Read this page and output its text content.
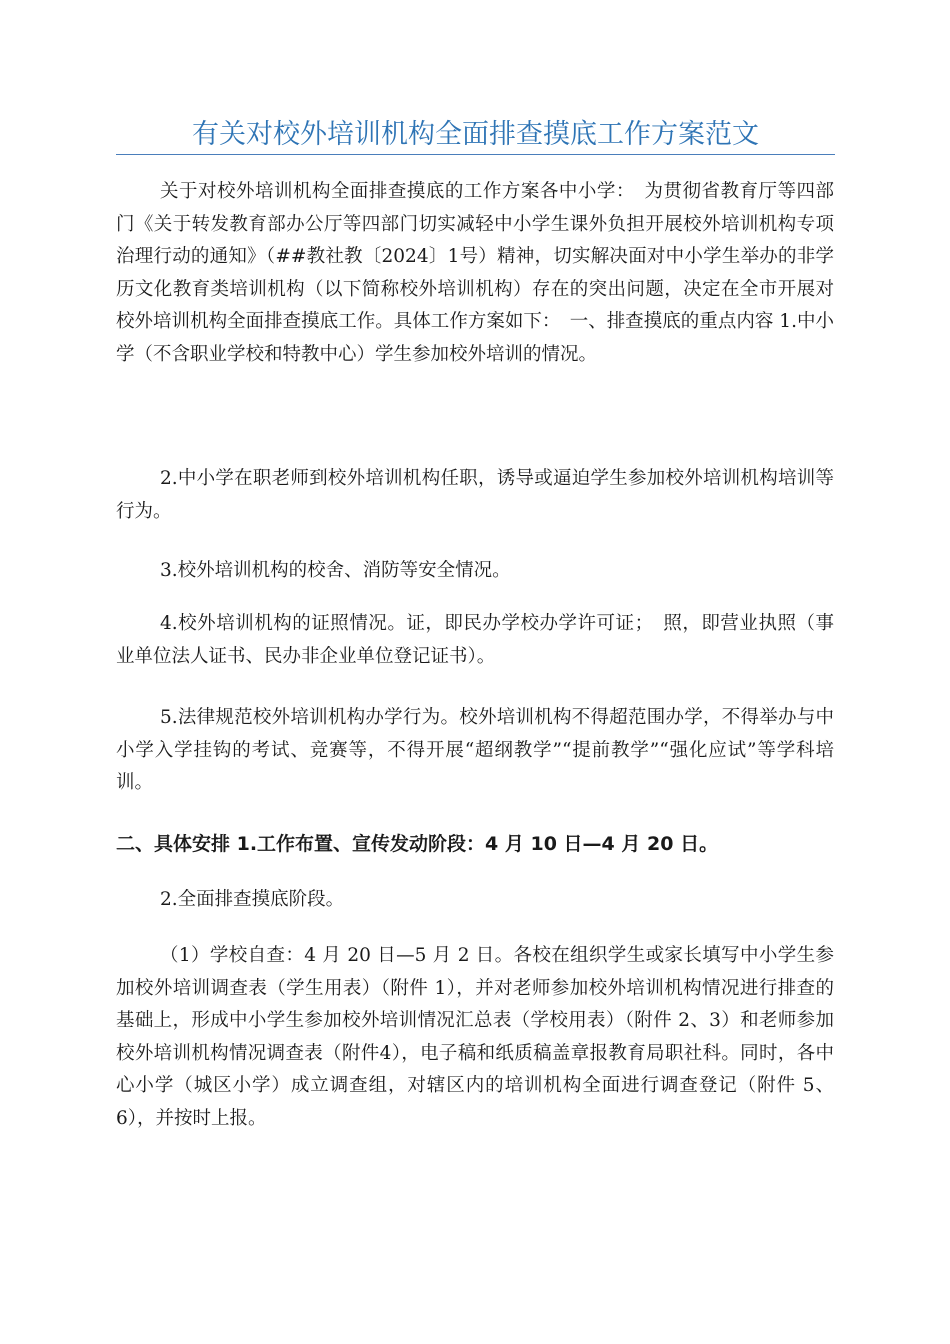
有关对校外培训机构全面排查摸底工作方案范文

关于对校外培训机构全面排查摸底的工作方案各中小学：　为贯彻省教育厅等四部门《关于转发教育部办公厅等四部门切实减轻中小学生课外负担开展校外培训机构专项治理行动的通知》（##教社教〔2024〕1号）精神，切实解决面对中小学生举办的非学历文化教育类培训机构（以下简称校外培训机构）存在的突出问题，决定在全市开展对校外培训机构全面排查摸底工作。具体工作方案如下：　一、排查摸底的重点内容 1.中小学（不含职业学校和特教中心）学生参加校外培训的情况。

2.中小学在职老师到校外培训机构任职，诱导或逼迫学生参加校外培训机构培训等行为。

3.校外培训机构的校舍、消防等安全情况。

4.校外培训机构的证照情况。证，即民办学校办学许可证；　照，即营业执照（事业单位法人证书、民办非企业单位登记证书）。

5.法律规范校外培训机构办学行为。校外培训机构不得超范围办学，不得举办与中小学入学挂钩的考试、竞赛等，不得开展“超纲教学”“提前教学”“强化应试”等学科培训。

二、具体安排 1.工作布置、宣传发动阶段：4 月 10 日—4 月 20 日。

2.全面排查摸底阶段。

（1）学校自查：4 月 20 日—5 月 2 日。各校在组织学生或家长填写中小学生参加校外培训调查表（学生用表）（附件 1），并对老师参加校外培训机构情况进行排查的基础上，形成中小学生参加校外培训情况汇总表（学校用表）（附件 2、3）和老师参加校外培训机构情况调查表（附件4），电子稿和纸质稿盖章报教育局职社科。同时，各中心小学（城区小学）成立调查组，对辖区内的培训机构全面进行调查登记（附件 5、6），并按时上报。
